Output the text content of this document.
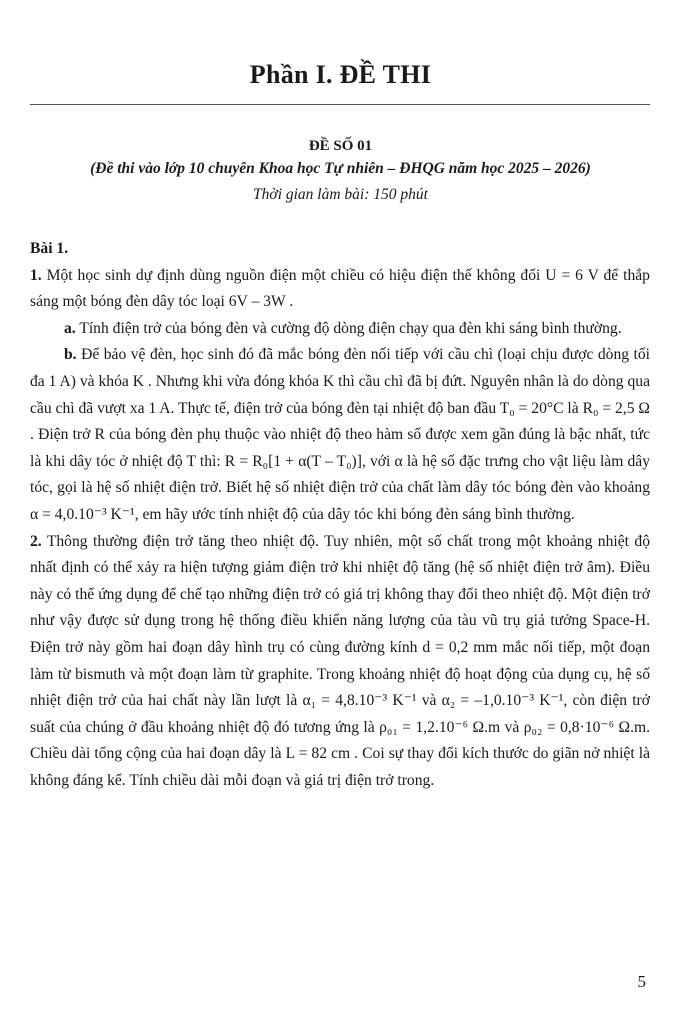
Phần I. ĐỀ THI
ĐỀ SỐ 01
(Đề thi vào lớp 10 chuyên Khoa học Tự nhiên – ĐHQG năm học 2025 – 2026)
Thời gian làm bài: 150 phút

Bài 1.

1. Một học sinh dự định dùng nguồn điện một chiều có hiệu điện thế không đổi U = 6 V để thắp sáng một bóng đèn dây tóc loại 6V – 3W .

a. Tính điện trở của bóng đèn và cường độ dòng điện chạy qua đèn khi sáng bình thường.

b. Để bảo vệ đèn, học sinh đó đã mắc bóng đèn nối tiếp với cầu chì (loại chịu được dòng tối đa 1 A) và khóa K . Nhưng khi vừa đóng khóa K thì cầu chì đã bị đứt. Nguyên nhân là do dòng qua cầu chì đã vượt xa 1 A. Thực tế, điện trở của bóng đèn tại nhiệt độ ban đầu T₀ = 20°C là R₀ = 2,5 Ω . Điện trở R của bóng đèn phụ thuộc vào nhiệt độ theo hàm số được xem gần đúng là bậc nhất, tức là khi dây tóc ở nhiệt độ T thì: R = R₀[1 + α(T – T₀)], với α là hệ số đặc trưng cho vật liệu làm dây tóc, gọi là hệ số nhiệt điện trở. Biết hệ số nhiệt điện trở của chất làm dây tóc bóng đèn vào khoảng α = 4,0.10⁻³ K⁻¹, em hãy ước tính nhiệt độ của dây tóc khi bóng đèn sáng bình thường.

2. Thông thường điện trở tăng theo nhiệt độ. Tuy nhiên, một số chất trong một khoảng nhiệt độ nhất định có thể xảy ra hiện tượng giảm điện trở khi nhiệt độ tăng (hệ số nhiệt điện trở âm). Điều này có thể ứng dụng để chế tạo những điện trở có giá trị không thay đổi theo nhiệt độ. Một điện trở như vậy được sử dụng trong hệ thống điều khiển năng lượng của tàu vũ trụ giả tưởng Space-H. Điện trở này gồm hai đoạn dây hình trụ có cùng đường kính d = 0,2 mm mắc nối tiếp, một đoạn làm từ bismuth và một đoạn làm từ graphite. Trong khoảng nhiệt độ hoạt động của dụng cụ, hệ số nhiệt điện trở của hai chất này lần lượt là α₁ = 4,8.10⁻³ K⁻¹ và α₂ = –1,0.10⁻³ K⁻¹, còn điện trở suất của chúng ở đầu khoảng nhiệt độ đó tương ứng là ρ₀₁ = 1,2.10⁻⁶ Ω.m và ρ₀₂ = 0,8·10⁻⁶ Ω.m. Chiều dài tổng cộng của hai đoạn dây là L = 82 cm . Coi sự thay đổi kích thước do giãn nở nhiệt là không đáng kể. Tính chiều dài mỗi đoạn và giá trị điện trở trong.

5
